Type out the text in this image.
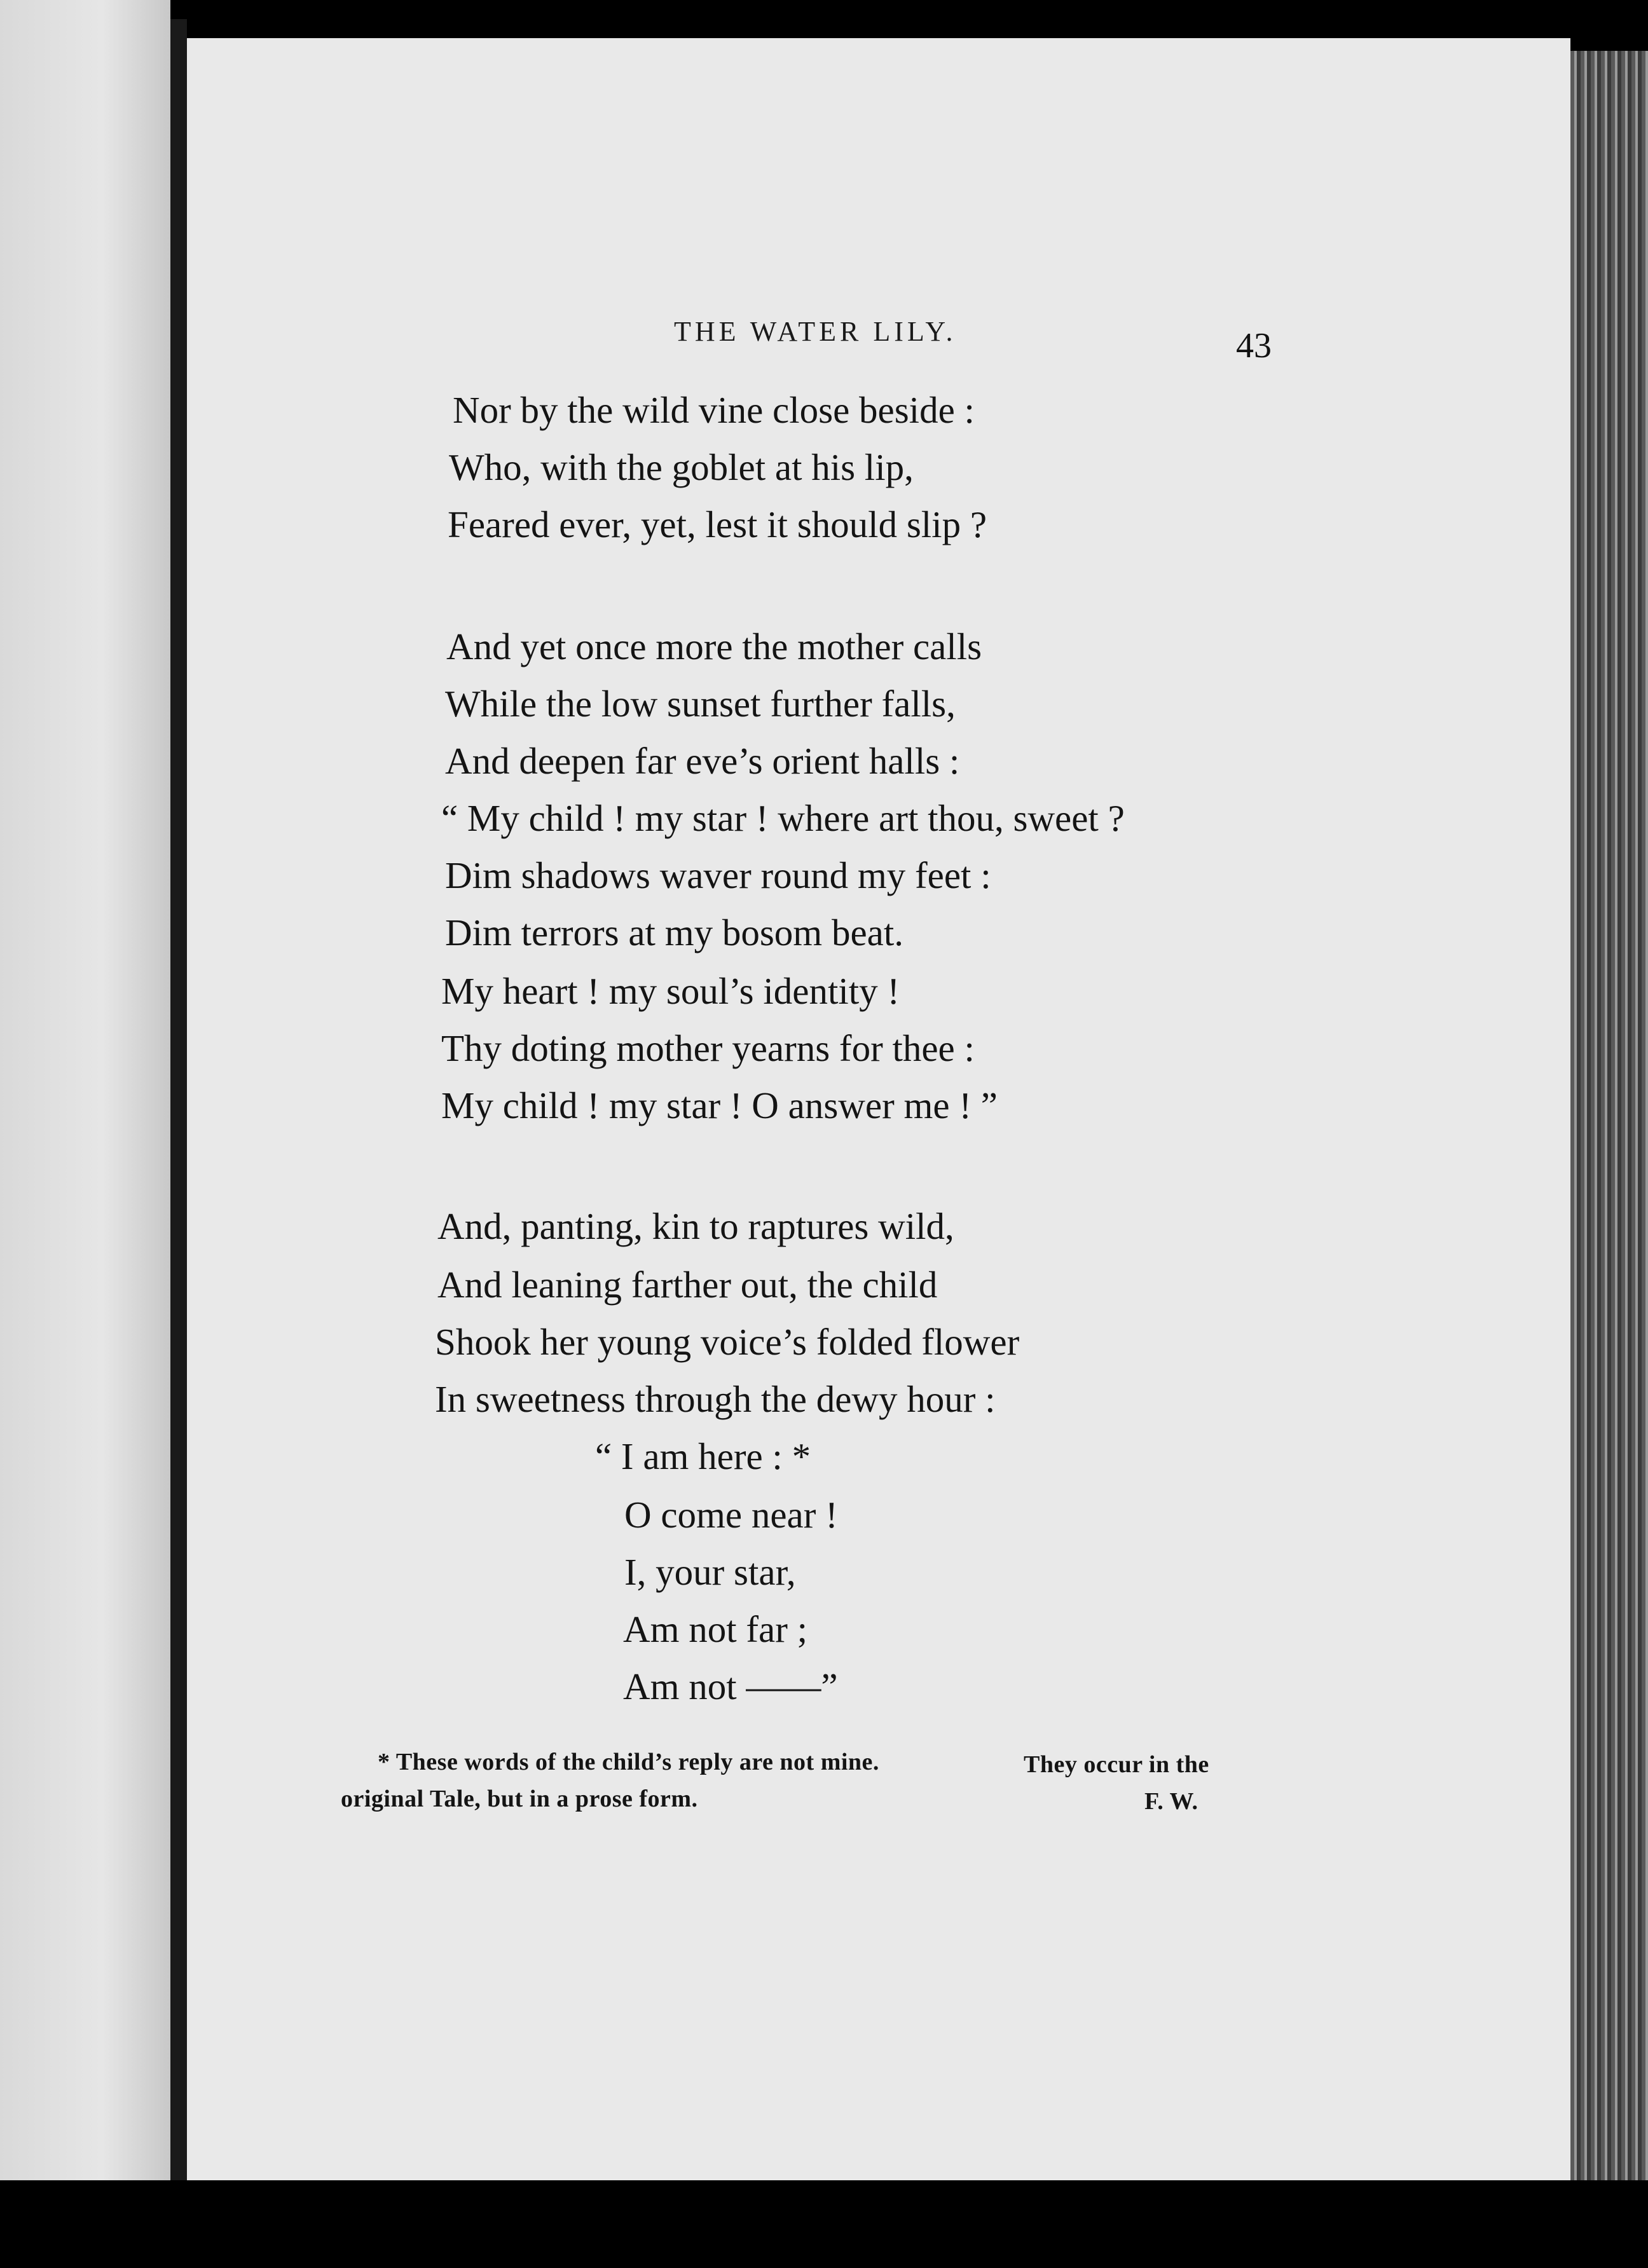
THE WATER LILY.	43
Nor by the wild vine close beside :
Who, with the goblet at his lip,
Feared ever, yet, lest it should slip ?
And yet once more the mother calls
While the low sunset further falls,
And deepen far eve’s orient halls :
“ My child ! my star ! where art thou, sweet ?
Dim shadows waver round my feet :
Dim terrors at my bosom beat.
My heart ! my soul’s identity !
Thy doting mother yearns for thee :
My child ! my star ! O answer me ! ”
And, panting, kin to raptures wild,
And leaning farther out, the child
Shook her young voice’s folded flower
In sweetness through the dewy hour :
“ I am here : *
O come near !
I, your star,
Am not far ;
Am not ——”
* These words of the child’s reply are not mine.	They occur in the
original Tale, but in a prose form.	F. W.
